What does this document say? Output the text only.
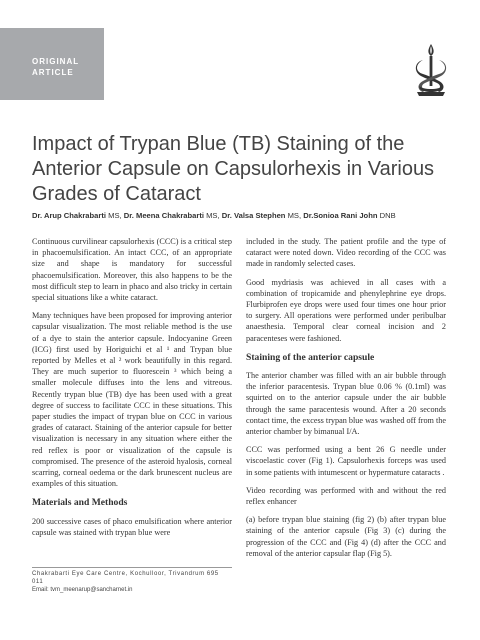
ORIGINAL
ARTICLE
Impact of Trypan Blue (TB) Staining of the Anterior Capsule on Capsulorhexis in Various Grades of Cataract
Dr. Arup Chakrabarti MS, Dr. Meena Chakrabarti MS, Dr. Valsa Stephen MS, Dr.Sonioa Rani John DNB

Continuous curvilinear capsulorhexis (CCC) is a critical step in phacoemulsification. An intact CCC, of an appropriate size and shape is mandatory for successful phacoemulsification. Moreover, this also happens to be the most difficult step to learn in phaco and also tricky in certain special situations like a white cataract.

Many techniques have been proposed for improving anterior capsular visualization. The most reliable method is the use of a dye to stain the anterior capsule. Indocyanine Green (ICG) first used by Horiguichi et al ¹ and Trypan blue reported by Melles et al ² work beautifully in this regard. They are much superior to fluorescein ³ which being a smaller molecule diffuses into the lens and vitreous. Recently trypan blue (TB) dye has been used with a great degree of success to facilitate CCC in these situations. This paper studies the impact of trypan blue on CCC in various grades of cataract. Staining of the anterior capsule for better visualization is necessary in any situation where either the red reflex is poor or visualization of the capsule is compromised. The presence of the asteroid hyalosis, corneal scarring, corneal oedema or the dark brunescent nucleus are examples of this situation.

Materials and Methods

200 successive cases of phaco emulsification where anterior capsule was stained with trypan blue were

included in the study. The patient profile and the type of cataract were noted down. Video recording of the CCC was made in randomly selected cases.

Good mydriasis was achieved in all cases with a combination of tropicamide and phenylephrine eye drops. Flurbiprofen eye drops were used four times one hour prior to surgery. All operations were performed under peribulbar anaesthesia. Temporal clear corneal incision and 2 paracenteses were fashioned.

Staining of the anterior capsule

The anterior chamber was filled with an air bubble through the inferior paracentesis. Trypan blue 0.06 % (0.1ml) was squirted on to the anterior capsule under the air bubble through the same paracentesis wound. After a 20 seconds contact time, the excess trypan blue was washed off from the anterior chamber by bimanual I/A.

CCC was performed using a bent 26 G needle under viscoelastic cover (Fig 1). Capsulorhexis forceps was used in some patients with intumescent or hypermature cataracts .

Video recording was performed with and without the red reflex enhancer

(a) before trypan blue staining (fig 2) (b) after trypan blue staining of the anterior capsule (Fig 3) (c) during the progression of the CCC and (Fig 4) (d) after the CCC and removal of the anterior capsular flap (Fig 5).

Chakrabarti Eye Care Centre, Kochulloor, Trivandrum 695 011
Email: tvm_meenarup@sancharnet.in
